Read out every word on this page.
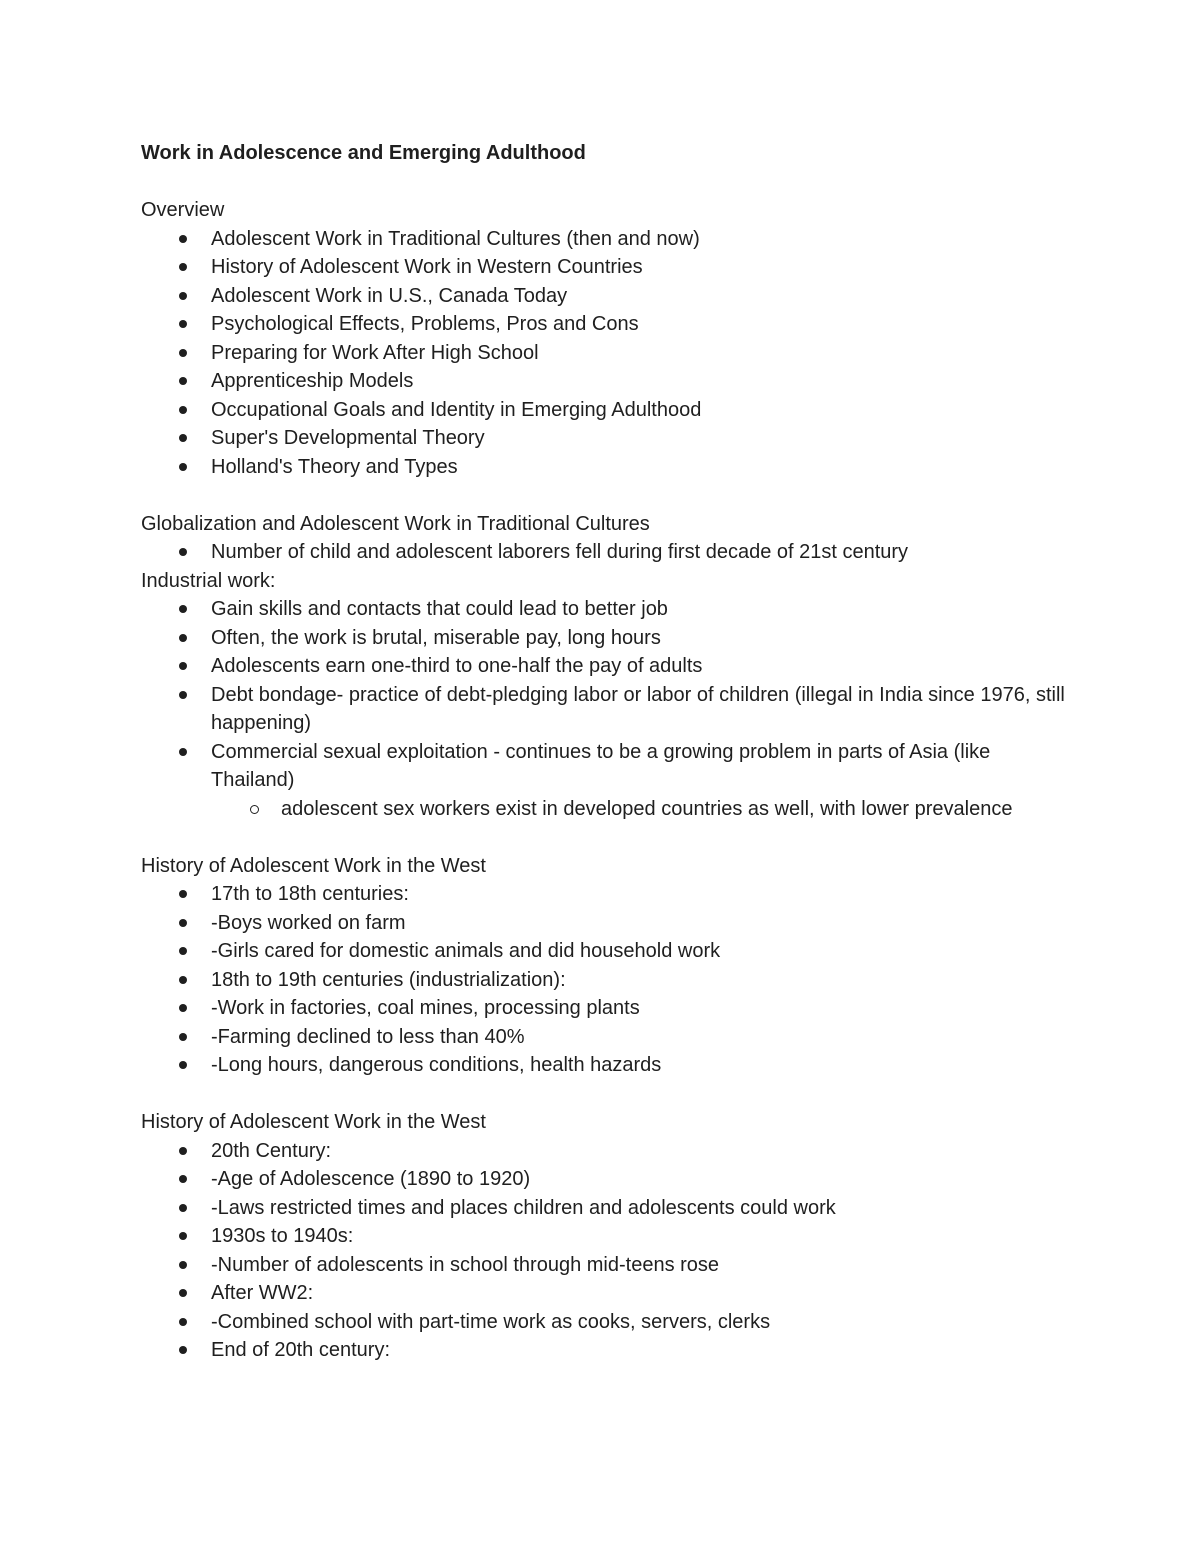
Work in Adolescence and Emerging Adulthood

Overview

Adolescent Work in Traditional Cultures (then and now)
History of Adolescent Work in Western Countries
Adolescent Work in U.S., Canada Today
Psychological Effects, Problems, Pros and Cons
Preparing for Work After High School
Apprenticeship Models
Occupational Goals and Identity in Emerging Adulthood
Super's Developmental Theory
Holland's Theory and Types

Globalization and Adolescent Work in Traditional Cultures

Number of child and adolescent laborers fell during first decade of 21st century

Industrial work:

Gain skills and contacts that could lead to better job
Often, the work is brutal, miserable pay, long hours
Adolescents earn one-third to one-half the pay of adults
Debt bondage- practice of debt-pledging labor or labor of children (illegal in India since 1976, still happening)
Commercial sexual exploitation - continues to be a growing problem in parts of Asia (like Thailand)
adolescent sex workers exist in developed countries as well, with lower prevalence

History of Adolescent Work in the West

17th to 18th centuries:
-Boys worked on farm
-Girls cared for domestic animals and did household work
18th to 19th centuries (industrialization):
-Work in factories, coal mines, processing plants
-Farming declined to less than 40%
-Long hours, dangerous conditions, health hazards

History of Adolescent Work in the West

20th Century:
-Age of Adolescence (1890 to 1920)
-Laws restricted times and places children and adolescents could work
1930s to 1940s:
-Number of adolescents in school through mid-teens rose
After WW2:
-Combined school with part-time work as cooks, servers, clerks
End of 20th century:
